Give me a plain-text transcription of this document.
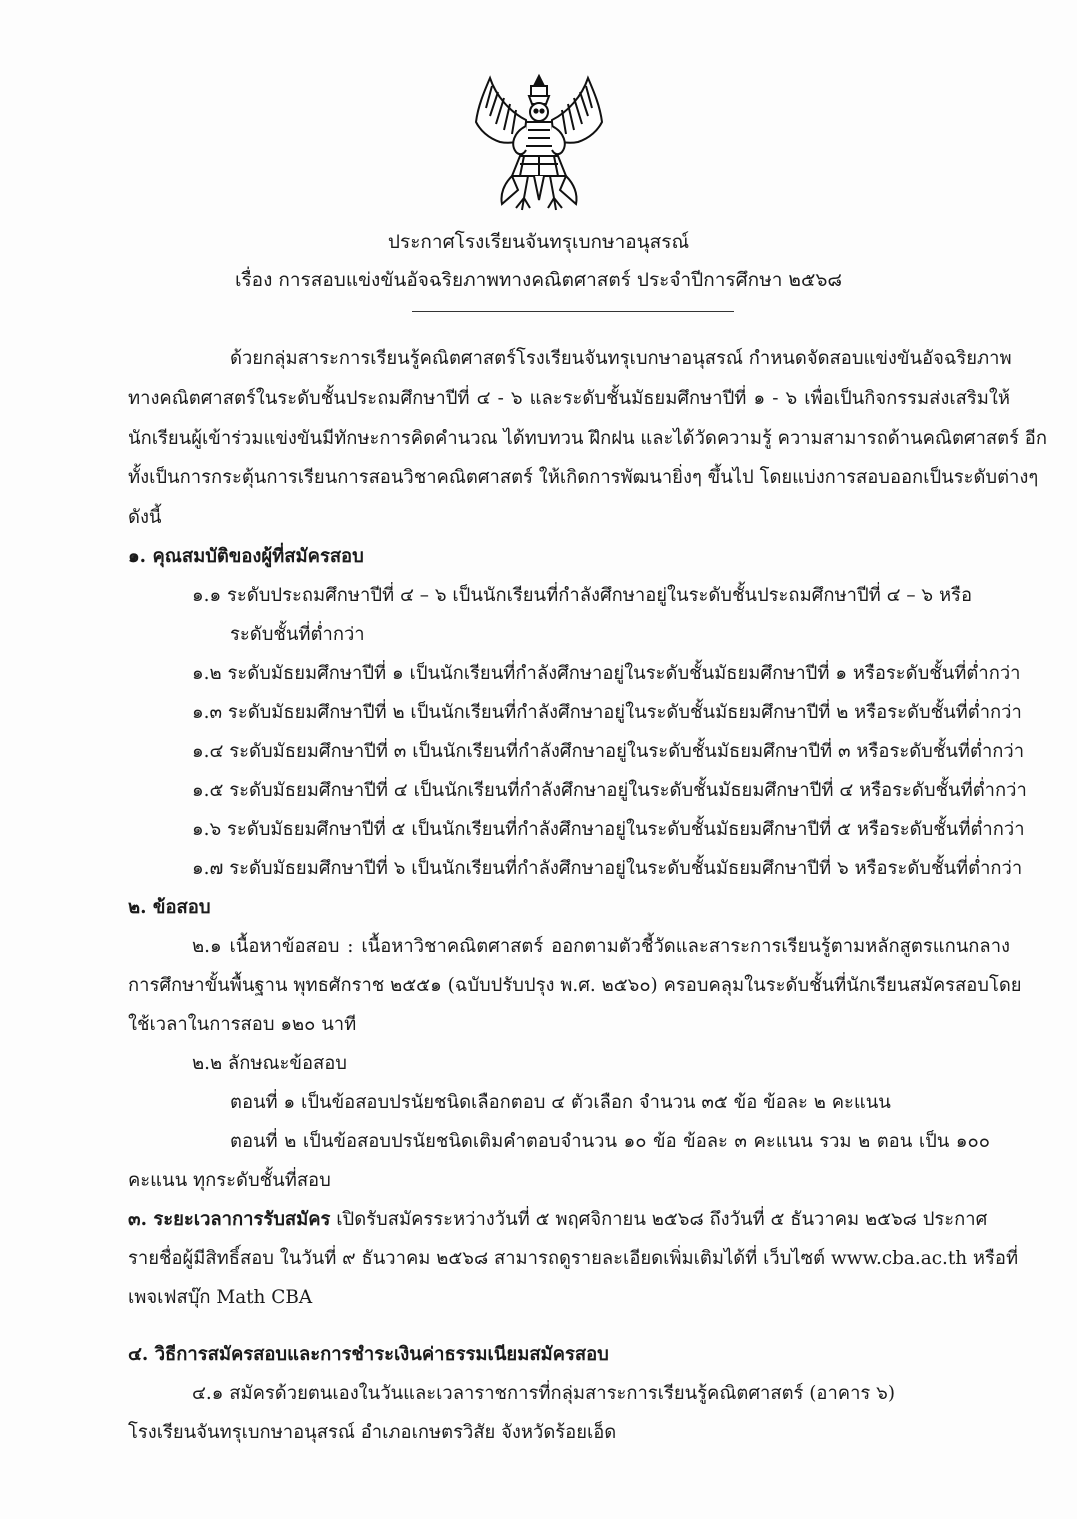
ประกาศโรงเรียนจันทรุเบกษาอนุสรณ์
เรื่อง การสอบแข่งขันอัจฉริยภาพทางคณิตศาสตร์ ประจำปีการศึกษา ๒๕๖๘
ด้วยกลุ่มสาระการเรียนรู้คณิตศาสตร์โรงเรียนจันทรุเบกษาอนุสรณ์ กำหนดจัดสอบแข่งขันอัจฉริยภาพ
ทางคณิตศาสตร์ในระดับชั้นประถมศึกษาปีที่ ๔ - ๖ และระดับชั้นมัธยมศึกษาปีที่ ๑ - ๖ เพื่อเป็นกิจกรรมส่งเสริมให้
นักเรียนผู้เข้าร่วมแข่งขันมีทักษะการคิดคำนวณ ได้ทบทวน ฝึกฝน และได้วัดความรู้ ความสามารถด้านคณิตศาสตร์ อีก
ทั้งเป็นการกระตุ้นการเรียนการสอนวิชาคณิตศาสตร์ ให้เกิดการพัฒนายิ่งๆ ขึ้นไป โดยแบ่งการสอบออกเป็นระดับต่างๆ
ดังนี้
๑. คุณสมบัติของผู้ที่สมัครสอบ
๑.๑ ระดับประถมศึกษาปีที่ ๔ – ๖ เป็นนักเรียนที่กำลังศึกษาอยู่ในระดับชั้นประถมศึกษาปีที่ ๔ – ๖ หรือ
ระดับชั้นที่ต่ำกว่า
๑.๒ ระดับมัธยมศึกษาปีที่ ๑ เป็นนักเรียนที่กำลังศึกษาอยู่ในระดับชั้นมัธยมศึกษาปีที่ ๑ หรือระดับชั้นที่ต่ำกว่า
๑.๓ ระดับมัธยมศึกษาปีที่ ๒ เป็นนักเรียนที่กำลังศึกษาอยู่ในระดับชั้นมัธยมศึกษาปีที่ ๒ หรือระดับชั้นที่ต่ำกว่า
๑.๔ ระดับมัธยมศึกษาปีที่ ๓ เป็นนักเรียนที่กำลังศึกษาอยู่ในระดับชั้นมัธยมศึกษาปีที่ ๓ หรือระดับชั้นที่ต่ำกว่า
๑.๕ ระดับมัธยมศึกษาปีที่ ๔ เป็นนักเรียนที่กำลังศึกษาอยู่ในระดับชั้นมัธยมศึกษาปีที่ ๔ หรือระดับชั้นที่ต่ำกว่า
๑.๖ ระดับมัธยมศึกษาปีที่ ๕ เป็นนักเรียนที่กำลังศึกษาอยู่ในระดับชั้นมัธยมศึกษาปีที่ ๕ หรือระดับชั้นที่ต่ำกว่า
๑.๗ ระดับมัธยมศึกษาปีที่ ๖ เป็นนักเรียนที่กำลังศึกษาอยู่ในระดับชั้นมัธยมศึกษาปีที่ ๖ หรือระดับชั้นที่ต่ำกว่า
๒. ข้อสอบ
๒.๑ เนื้อหาข้อสอบ : เนื้อหาวิชาคณิตศาสตร์ ออกตามตัวชี้วัดและสาระการเรียนรู้ตามหลักสูตรแกนกลาง
การศึกษาขั้นพื้นฐาน พุทธศักราช ๒๕๕๑ (ฉบับปรับปรุง พ.ศ. ๒๕๖๐) ครอบคลุมในระดับชั้นที่นักเรียนสมัครสอบโดย
ใช้เวลาในการสอบ ๑๒๐ นาที
๒.๒ ลักษณะข้อสอบ
ตอนที่ ๑ เป็นข้อสอบปรนัยชนิดเลือกตอบ ๔ ตัวเลือก จำนวน ๓๕ ข้อ ข้อละ ๒ คะแนน
ตอนที่ ๒ เป็นข้อสอบปรนัยชนิดเติมคำตอบจำนวน ๑๐ ข้อ ข้อละ ๓ คะแนน รวม ๒ ตอน เป็น ๑๐๐
คะแนน ทุกระดับชั้นที่สอบ
๓. ระยะเวลาการรับสมัคร เปิดรับสมัครระหว่างวันที่ ๕ พฤศจิกายน ๒๕๖๘ ถึงวันที่ ๕ ธันวาคม ๒๕๖๘ ประกาศ
รายชื่อผู้มีสิทธิ์สอบ ในวันที่ ๙ ธันวาคม ๒๕๖๘ สามารถดูรายละเอียดเพิ่มเติมได้ที่ เว็บไซต์ www.cba.ac.th หรือที่
เพจเฟสบุ๊ก Math CBA
๔. วิธีการสมัครสอบและการชำระเงินค่าธรรมเนียมสมัครสอบ
๔.๑ สมัครด้วยตนเองในวันและเวลาราชการที่กลุ่มสาระการเรียนรู้คณิตศาสตร์ (อาคาร ๖)
โรงเรียนจันทรุเบกษาอนุสรณ์ อำเภอเกษตรวิสัย จังหวัดร้อยเอ็ด
